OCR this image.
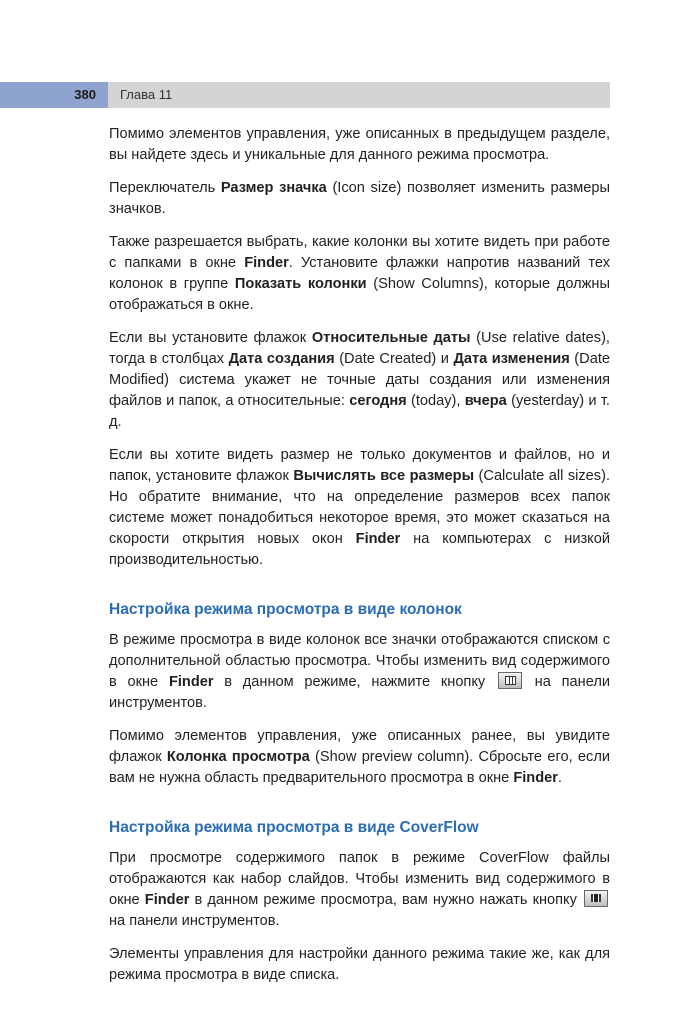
380 Глава 11

Помимо элементов управления, уже описанных в предыдущем разделе, вы найдете здесь и уникальные для данного режима просмотра.

Переключатель Размер значка (Icon size) позволяет изменить размеры значков.

Также разрешается выбрать, какие колонки вы хотите видеть при работе с папками в окне Finder. Установите флажки напротив названий тех колонок в группе Показать колонки (Show Columns), которые должны отображаться в окне.

Если вы установите флажок Относительные даты (Use relative dates), тогда в столбцах Дата создания (Date Created) и Дата изменения (Date Modified) система укажет не точные даты создания или изменения файлов и папок, а относительные: сегодня (today), вчера (yesterday) и т. д.

Если вы хотите видеть размер не только документов и файлов, но и папок, установите флажок Вычислять все размеры (Calculate all sizes). Но обратите внимание, что на определение размеров всех папок системе может понадобиться некоторое время, это может сказаться на скорости открытия новых окон Finder на компьютерах с низкой производительностью.

Настройка режима просмотра в виде колонок

В режиме просмотра в виде колонок все значки отображаются списком с дополнительной областью просмотра. Чтобы изменить вид содержимого в окне Finder в данном режиме, нажмите кнопку  на панели инструментов.

Помимо элементов управления, уже описанных ранее, вы увидите флажок Колонка просмотра (Show preview column). Сбросьте его, если вам не нужна область предварительного просмотра в окне Finder.

Настройка режима просмотра в виде CoverFlow

При просмотре содержимого папок в режиме CoverFlow файлы отображаются как набор слайдов. Чтобы изменить вид содержимого в окне Finder в данном режиме просмотра, вам нужно нажать кнопку  на панели инструментов.

Элементы управления для настройки данного режима такие же, как для режима просмотра в виде списка.
